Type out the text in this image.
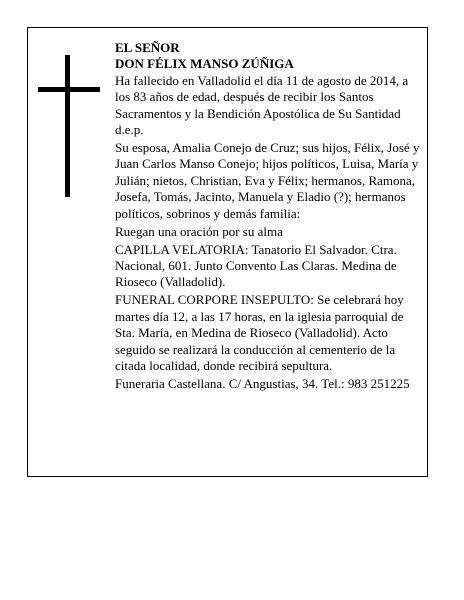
EL SEÑOR

DON FÉLIX MANSO ZÚÑIGA

Ha fallecido en Valladolid el día 11 de agosto de 2014, a los 83 años de edad, después de recibir los Santos Sacramentos y la Bendición Apostólica de Su Santidad d.e.p.

Su esposa, Amalia Conejo de Cruz; sus hijos, Félix, José y Juan Carlos Manso Conejo; hijos políticos, Luisa, María y Julián; nietos, Christian, Eva y Félix; hermanos, Ramona, Josefa, Tomás, Jacinto, Manuela y Eladio (?); hermanos políticos, sobrinos y demás familia:

Ruegan una oración por su alma

CAPILLA VELATORIA: Tanatorio El Salvador. Ctra. Nacional, 601. Junto Convento Las Claras. Medina de Rioseco (Valladolid).

FUNERAL CORPORE INSEPULTO: Se celebrará hoy martes día 12, a las 17 horas, en la iglesia parroquial de Sta. María, en Medina de Rioseco (Valladolid). Acto seguido se realizará la conducción al cementerio de la citada localidad, donde recibirá sepultura.

Funeraria Castellana. C/ Angustias, 34. Tel.: 983 251225
